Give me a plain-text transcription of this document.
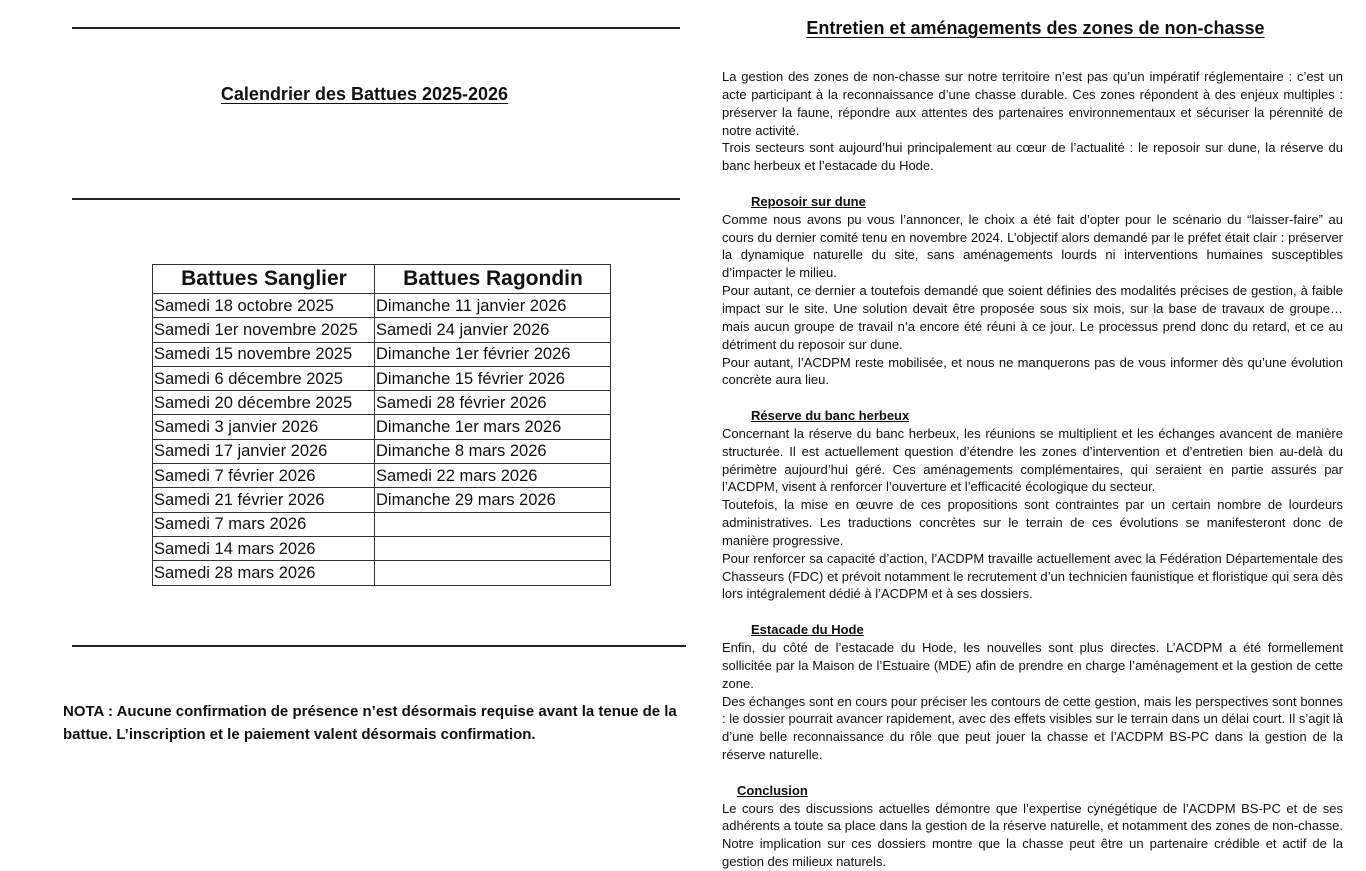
Calendrier des Battues 2025-2026
Battues Sanglier	Battues Ragondin
Samedi 18 octobre 2025	Dimanche 11 janvier 2026
Samedi 1er novembre 2025	Samedi 24 janvier 2026
Samedi 15 novembre 2025	Dimanche 1er février 2026
Samedi 6 décembre 2025	Dimanche 15 février 2026
Samedi 20 décembre 2025	Samedi 28 février 2026
Samedi 3 janvier 2026	Dimanche 1er mars 2026
Samedi 17 janvier 2026	Dimanche 8 mars 2026
Samedi 7 février 2026	Samedi 22 mars 2026
Samedi 21 février 2026	Dimanche 29 mars 2026
Samedi 7 mars 2026	
Samedi 14 mars 2026	
Samedi 28 mars 2026	
NOTA : Aucune confirmation de présence n’est désormais requise avant la tenue de la battue. L’inscription et le paiement valent désormais confirmation.
Entretien et aménagements des zones de non-chasse

La gestion des zones de non-chasse sur notre territoire n’est pas qu’un impératif réglementaire : c’est un acte participant à la reconnaissance d’une chasse durable. Ces zones répondent à des enjeux multiples : préserver la faune, répondre aux attentes des partenaires environnementaux et sécuriser la pérennité de notre activité.

Trois secteurs sont aujourd’hui principalement au cœur de l’actualité : le reposoir sur dune, la réserve du banc herbeux et l’estacade du Hode.

Reposoir sur dune

Comme nous avons pu vous l’annoncer, le choix a été fait d’opter pour le scénario du “laisser-faire” au cours du dernier comité tenu en novembre 2024. L’objectif alors demandé par le préfet était clair : préserver la dynamique naturelle du site, sans aménagements lourds ni interventions humaines susceptibles d’impacter le milieu.

Pour autant, ce dernier a toutefois demandé que soient définies des modalités précises de gestion, à faible impact sur le site. Une solution devait être proposée sous six mois, sur la base de travaux de groupe… mais aucun groupe de travail n’a encore été réuni à ce jour. Le processus prend donc du retard, et ce au détriment du reposoir sur dune.

Pour autant, l’ACDPM reste mobilisée, et nous ne manquerons pas de vous informer dès qu’une évolution concrète aura lieu.

Réserve du banc herbeux

Concernant la réserve du banc herbeux, les réunions se multiplient et les échanges avancent de manière structurée. Il est actuellement question d’étendre les zones d’intervention et d’entretien bien au-delà du périmètre aujourd’hui géré. Ces aménagements complémentaires, qui seraient en partie assurés par l’ACDPM, visent à renforcer l’ouverture et l’efficacité écologique du secteur.

Toutefois, la mise en œuvre de ces propositions sont contraintes par un certain nombre de lourdeurs administratives. Les traductions concrètes sur le terrain de ces évolutions se manifesteront donc de manière progressive.

Pour renforcer sa capacité d’action, l’ACDPM travaille actuellement avec la Fédération Départementale des Chasseurs (FDC) et prévoit notamment le recrutement d’un technicien faunistique et floristique qui sera dès lors intégralement dédié à l’ACDPM et à ses dossiers.

Estacade du Hode

Enfin, du côté de l’estacade du Hode, les nouvelles sont plus directes. L’ACDPM a été formellement sollicitée par la Maison de l’Estuaire (MDE) afin de prendre en charge l’aménagement et la gestion de cette zone.

Des échanges sont en cours pour préciser les contours de cette gestion, mais les perspectives sont bonnes : le dossier pourrait avancer rapidement, avec des effets visibles sur le terrain dans un délai court. Il s’agit là d’une belle reconnaissance du rôle que peut jouer la chasse et l’ACDPM BS-PC dans la gestion de la réserve naturelle.

Conclusion

Le cours des discussions actuelles démontre que l’expertise cynégétique de l’ACDPM BS-PC et de ses adhérents a toute sa place dans la gestion de la réserve naturelle, et notamment des zones de non-chasse. Notre implication sur ces dossiers montre que la chasse peut être un partenaire crédible et actif de la gestion des milieux naturels.
